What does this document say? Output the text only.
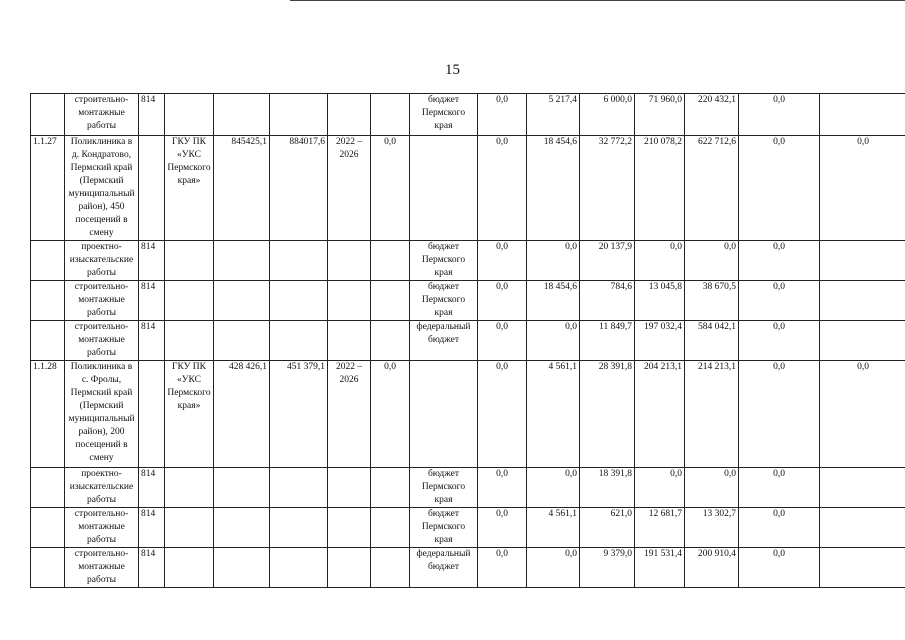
15
	строительно-монтажные работы	814						бюджет Пермского края	0,0	5 217,4	6 000,0	71 960,0	220 432,1	0,0	
1.1.27	Поликлиника в д. Кондратово, Пермский край (Пермский муниципальный район), 450 посещений в смену		ГКУ ПК «УКС Пермского края»	845425,1	884017,6	2022 – 2026	0,0		0,0	18 454,6	32 772,2	210 078,2	622 712,6	0,0	0,0
	проектно-изыскательские работы	814						бюджет Пермского края	0,0	0,0	20 137,9	0,0	0,0	0,0	
	строительно-монтажные работы	814						бюджет Пермского края	0,0	18 454,6	784,6	13 045,8	38 670,5	0,0	
	строительно-монтажные работы	814						федеральный бюджет	0,0	0,0	11 849,7	197 032,4	584 042,1	0,0	
1.1.28	Поликлиника в с. Фролы, Пермский край (Пермский муниципальный район), 200 посещений в смену		ГКУ ПК «УКС Пермского края»	428 426,1	451 379,1	2022 – 2026	0,0		0,0	4 561,1	28 391,8	204 213,1	214 213,1	0,0	0,0
	проектно-изыскательские работы	814						бюджет Пермского края	0,0	0,0	18 391,8	0,0	0,0	0,0	
	строительно-монтажные работы	814						бюджет Пермского края	0,0	4 561,1	621,0	12 681,7	13 302,7	0,0	
	строительно-монтажные работы	814						федеральный бюджет	0,0	0,0	9 379,0	191 531,4	200 910,4	0,0	
